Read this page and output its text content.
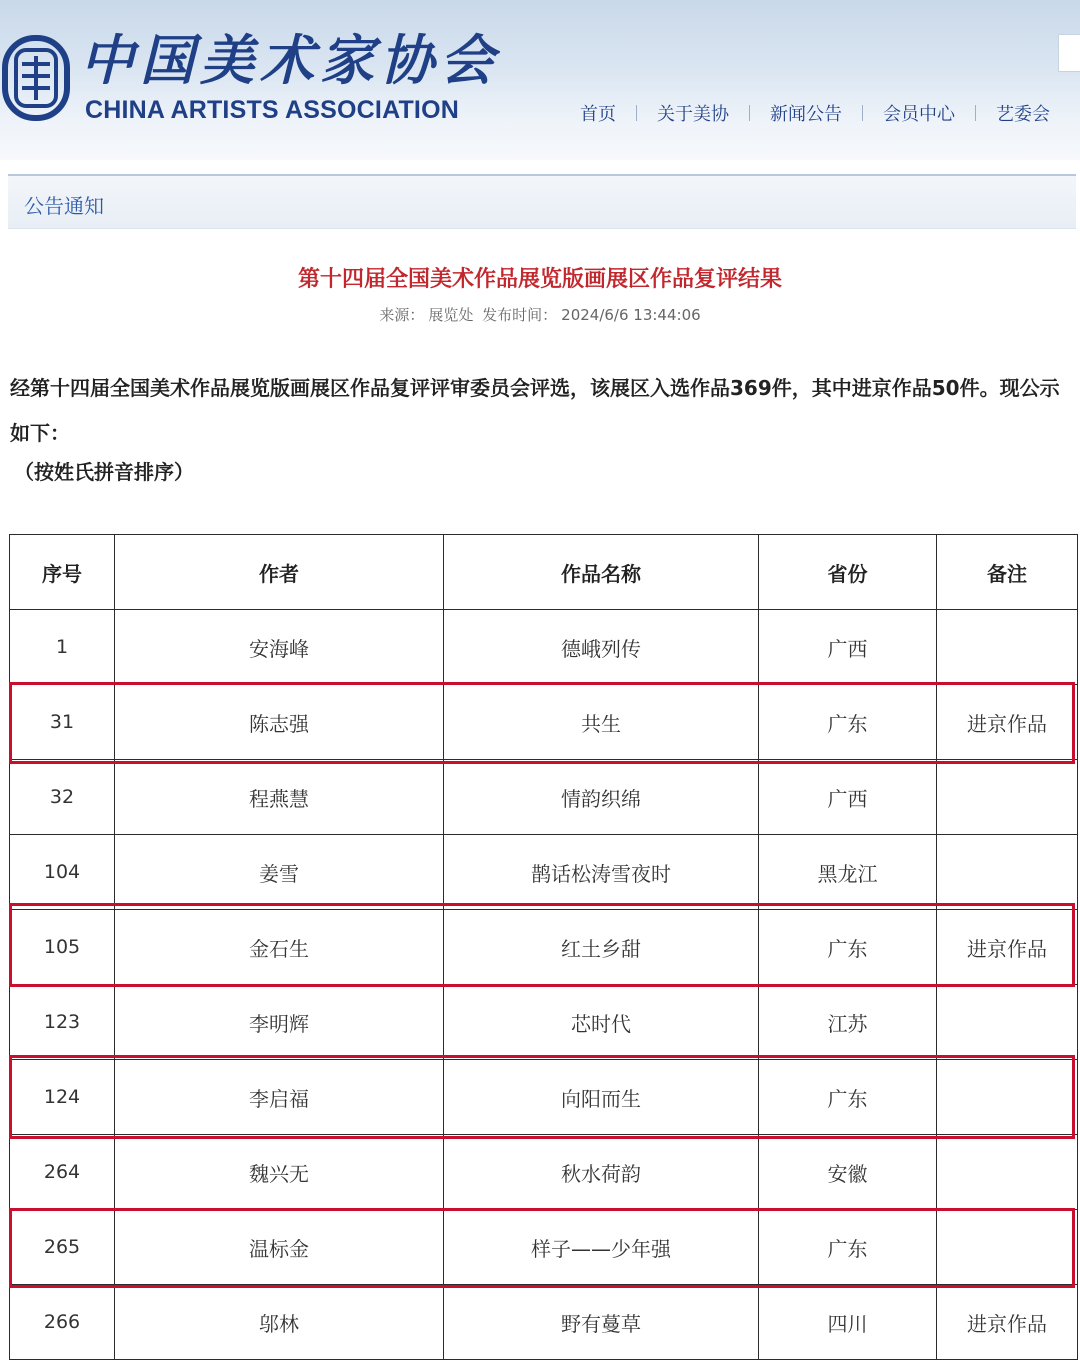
中国美术家协会
CHINA ARTISTS ASSOCIATION	首页	关于美协	新闻公告	会员中心	艺委会
公告通知
第十四届全国美术作品展览版画展区作品复评结果
来源： 展览处 发布时间： 2024/6/6 13:44:06
经第十四届全国美术作品展览版画展区作品复评评审委员会评选，该展区入选作品369件，其中进京作品50件。现公示如下：
（按姓氏拼音排序）
序号	作者	作品名称	省份	备注
1	安海峰	德峨列传	广西	
31	陈志强	共生	广东	进京作品
32	程燕慧	情韵织绵	广西	
104	姜雪	鹊话松涛雪夜时	黑龙江	
105	金石生	红土乡甜	广东	进京作品
123	李明辉	芯时代	江苏	
124	李启福	向阳而生	广东	
264	魏兴无	秋水荷韵	安徽	
265	温标金	样子——少年强	广东	
266	邬林	野有蔓草	四川	进京作品
